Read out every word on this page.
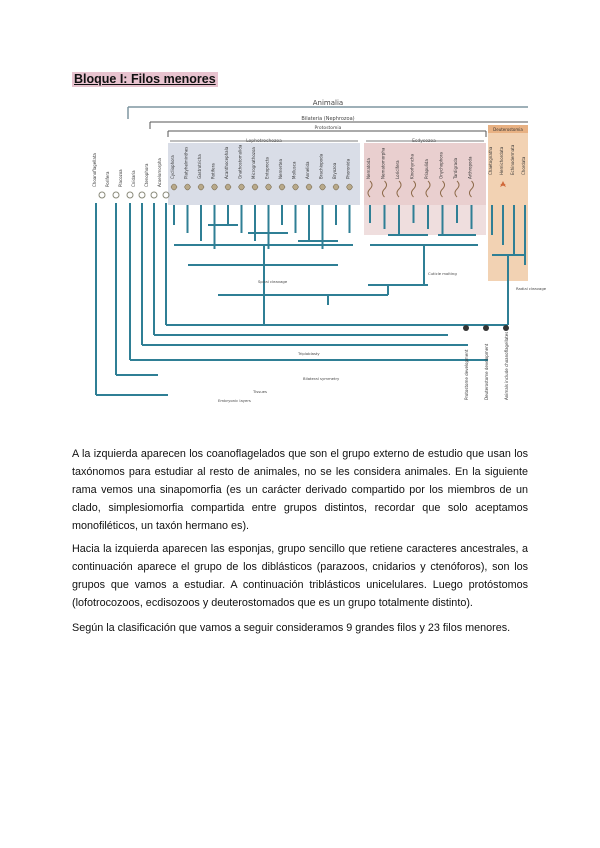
Bloque I: Filos menores
Animalia
Bilateria (Nephrozoa)
Protostomia
Lophotrochozoa	Ecdysozoa
Deuterostomia
Choanoflagellata Porifera Placozoa Cnidaria Ctenophora Acoelomorpha Cycliophora Platyhelminthes Gastrotricha Rotifera Acanthocephala Gnathostomulida Micrognathozoa Entoprocta Nemertea Mollusca Annelida Brachiopoda Bryozoa Phoronida	Nematoda Nematomorpha Loricifera Kinorhyncha Priapulida Onychophora Tardigrada Arthropoda	Chaetognatha Hemichordata Echinodermata Chordata
Spiral cleavage
Cuticle molting
Radial cleavage
Triploblasty
Bilateral symmetry
Tissues
Embryonic layers
Protostome development	Deuterostome development	Animals include choanoflagellates
A la izquierda aparecen los coanoflagelados que son el grupo externo de estudio que usan los taxónomos para estudiar al resto de animales, no se les considera animales. En la siguiente rama vemos una sinapomorfia (es un carácter derivado compartido por los miembros de un clado, simplesiomorfia compartida entre grupos distintos, recordar que solo aceptamos monofiléticos, un taxón hermano es).
Hacia la izquierda aparecen las esponjas, grupo sencillo que retiene caracteres ancestrales, a continuación aparece el grupo de los diblásticos (parazoos, cnidarios y ctenóforos), son los grupos que vamos a estudiar. A continuación triblásticos unicelulares. Luego protóstomos (lofotrocozoos, ecdisozoos y deuterostomados que es un grupo totalmente distinto).
Según la clasificación que vamos a seguir consideramos 9 grandes filos y 23 filos menores.
